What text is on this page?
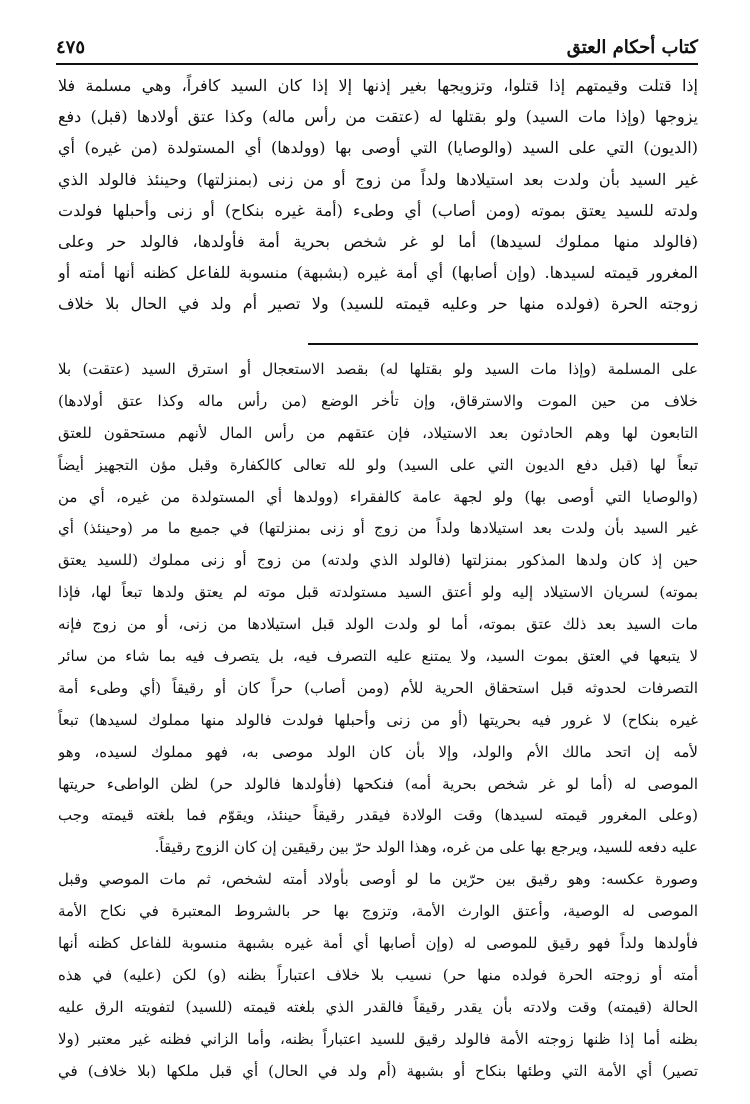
كتاب أحكام العتق
٤٧٥
إذا قتلت وقيمتهم إذا قتلوا، وتزويجها بغير إذنها إلا إذا كان السيد كافراً، وهي مسلمة فلا
يزوجها (وإذا مات السيد) ولو بقتلها له (عتقت من رأس ماله) وكذا عتق أولادها (قبل) دفع
(الديون) التي على السيد (والوصايا) التي أوصى بها (وولدها) أي المستولدة (من غيره) أي
غير السيد بأن ولدت بعد استيلادها ولداً من زوج أو من زنى (بمنزلتها) وحينئذ فالولد الذي
ولدته للسيد يعتق بموته (ومن أصاب) أي وطىء (أمة غيره بنكاح) أو زنى وأحبلها فولدت
(فالولد منها مملوك لسيدها) أما لو غر شخص بحرية أمة فأولدها، فالولد حر وعلى
المغرور قيمته لسيدها. (وإن أصابها) أي أمة غيره (بشبهة) منسوبة للفاعل كظنه أنها أمته أو
زوجته الحرة (فولده منها حر وعليه قيمته للسيد) ولا تصير أم ولد في الحال بلا خلاف
على المسلمة (وإذا مات السيد ولو بقتلها له) بقصد الاستعجال أو استرق السيد (عتقت) بلا
خلاف من حين الموت والاسترقاق، وإن تأخر الوضع (من رأس ماله وكذا عتق أولادها)
التابعون لها وهم الحادثون بعد الاستيلاد، فإن عتقهم من رأس المال لأنهم مستحقون للعتق
تبعاً لها (قبل دفع الديون التي على السيد) ولو لله تعالى كالكفارة وقبل مؤن التجهيز أيضاً
(والوصايا التي أوصى بها) ولو لجهة عامة كالفقراء (وولدها أي المستولدة من غيره، أي من
غير السيد بأن ولدت بعد استيلادها ولداً من زوج أو زنى بمنزلتها) في جميع ما مر (وحينئذ) أي
حين إذ كان ولدها المذكور بمنزلتها (فالولد الذي ولدته) من زوج أو زنى مملوك (للسيد يعتق
بموته) لسريان الاستيلاد إليه ولو أعتق السيد مستولدته قبل موته لم يعتق ولدها تبعاً لها، فإذا
مات السيد بعد ذلك عتق بموته، أما لو ولدت الولد قبل استيلادها من زنى، أو من زوج فإنه
لا يتبعها في العتق بموت السيد، ولا يمتنع عليه التصرف فيه، بل يتصرف فيه بما شاء من سائر
التصرفات لحدوثه قبل استحقاق الحرية للأم (ومن أصاب) حراً كان أو رقيقاً (أي وطىء أمة
غيره بنكاح) لا غرور فيه بحريتها (أو من زنى وأحبلها فولدت فالولد منها مملوك لسيدها) تبعاً
لأمه إن اتحد مالك الأم والولد، وإلا بأن كان الولد موصى به، فهو مملوك لسيده، وهو
الموصى له (أما لو غر شخص بحرية أمه) فنكحها (فأولدها فالولد حر) لظن الواطىء حريتها
(وعلى المغرور قيمته لسيدها) وقت الولادة فيقدر رقيقاً حينئذ، ويقوّم فما بلغته قيمته وجب
عليه دفعه للسيد، ويرجع بها على من غره، وهذا الولد حرّ بين رقيقين إن كان الزوج رقيقاً.
وصورة عكسه: وهو رقيق بين حرّين ما لو أوصى بأولاد أمته لشخص، ثم مات الموصي وقبل
الموصى له الوصية، وأعتق الوارث الأمة، وتزوج بها حر بالشروط المعتبرة في نكاح الأمة
فأولدها ولداً فهو رقيق للموصى له (وإن أصابها أي أمة غيره بشبهة منسوبة للفاعل كظنه أنها
أمته أو زوجته الحرة فولده منها حر) نسيب بلا خلاف اعتباراً بظنه (و) لكن (عليه) في هذه
الحالة (قيمته) وقت ولادته بأن يقدر رقيقاً فالقدر الذي بلغته قيمته (للسيد) لتفويته الرق عليه
بظنه أما إذا ظنها زوجته الأمة فالولد رقيق للسيد اعتباراً بظنه، وأما الزاني فظنه غير معتبر (ولا
تصير) أي الأمة التي وطئها بنكاح أو بشبهة (أم ولد في الحال) أي قبل ملكها (بلا خلاف) في
